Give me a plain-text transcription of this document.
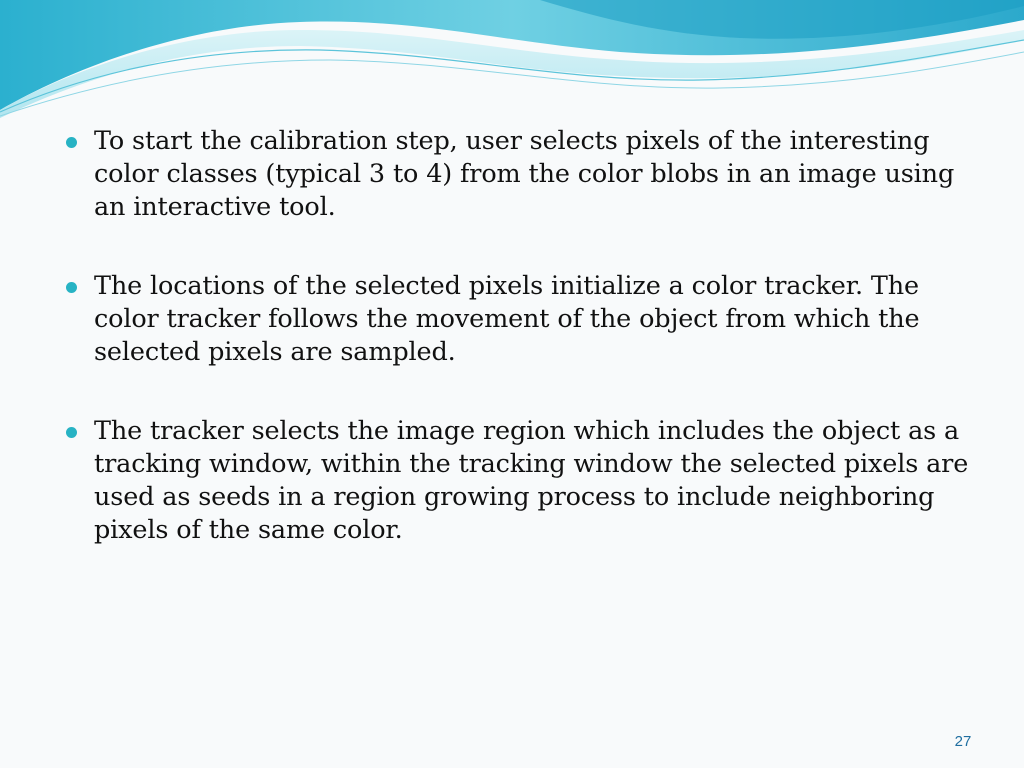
To start the calibration step, user selects pixels of the interesting color classes (typical 3 to 4) from the color blobs in an image using an interactive tool.
The locations of the selected pixels initialize a color tracker. The color tracker follows the movement of the object from which the selected pixels are sampled.
The tracker selects the image region which includes the object as a tracking window, within the tracking window the selected pixels are used as seeds in a region growing process to include neighboring pixels of the same color.
27
